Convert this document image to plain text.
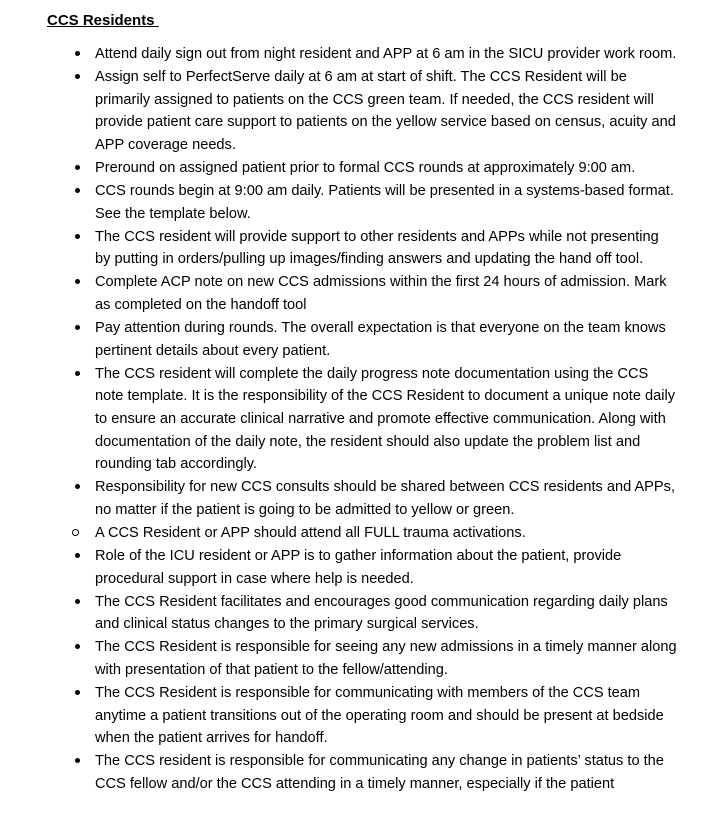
CCS Residents
Attend daily sign out from night resident and APP at 6 am in the SICU provider work room.
Assign self to PerfectServe daily at 6 am at start of shift. The CCS Resident will be primarily assigned to patients on the CCS green team. If needed, the CCS resident will provide patient care support to patients on the yellow service based on census, acuity and APP coverage needs.
Preround on assigned patient prior to formal CCS rounds at approximately 9:00 am.
CCS rounds begin at 9:00 am daily. Patients will be presented in a systems-based format. See the template below.
The CCS resident will provide support to other residents and APPs while not presenting by putting in orders/pulling up images/finding answers and updating the hand off tool.
Complete ACP note on new CCS admissions within the first 24 hours of admission. Mark as completed on the handoff tool
Pay attention during rounds. The overall expectation is that everyone on the team knows pertinent details about every patient.
The CCS resident will complete the daily progress note documentation using the CCS note template. It is the responsibility of the CCS Resident to document a unique note daily to ensure an accurate clinical narrative and promote effective communication. Along with documentation of the daily note, the resident should also update the problem list and rounding tab accordingly.
Responsibility for new CCS consults should be shared between CCS residents and APPs, no matter if the patient is going to be admitted to yellow or green.
A CCS Resident or APP should attend all FULL trauma activations.
Role of the ICU resident or APP is to gather information about the patient, provide procedural support in case where help is needed.
The CCS Resident facilitates and encourages good communication regarding daily plans and clinical status changes to the primary surgical services.
The CCS Resident is responsible for seeing any new admissions in a timely manner along with presentation of that patient to the fellow/attending.
The CCS Resident is responsible for communicating with members of the CCS team anytime a patient transitions out of the operating room and should be present at bedside when the patient arrives for handoff.
The CCS resident is responsible for communicating any change in patients’ status to the CCS fellow and/or the CCS attending in a timely manner, especially if the patient
